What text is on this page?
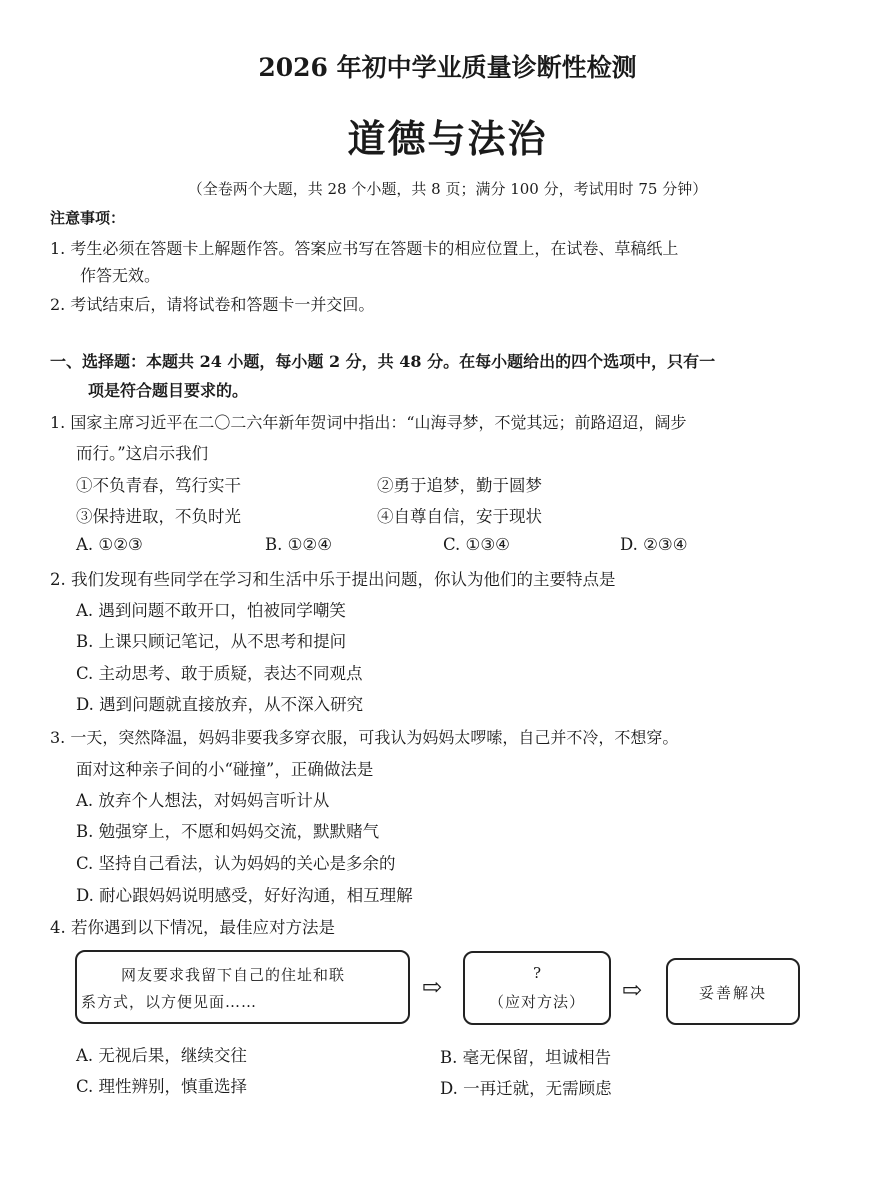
2026 年初中学业质量诊断性检测
道德与法治
（全卷两个大题，共 28 个小题，共 8 页；满分 100 分，考试用时 75 分钟）
注意事项：
1. 考生必须在答题卡上解题作答。答案应书写在答题卡的相应位置上，在试卷、草稿纸上
作答无效。
2. 考试结束后，请将试卷和答题卡一并交回。
一、选择题：本题共 24 小题，每小题 2 分，共 48 分。在每小题给出的四个选项中，只有一
项是符合题目要求的。
1. 国家主席习近平在二〇二六年新年贺词中指出：“山海寻梦，不觉其远；前路迢迢，阔步
而行。”这启示我们
①不负青春，笃行实干	②勇于追梦，勤于圆梦
③保持进取，不负时光	④自尊自信，安于现状
A. ①②③	B. ①②④	C. ①③④	D. ②③④
2. 我们发现有些同学在学习和生活中乐于提出问题，你认为他们的主要特点是
A. 遇到问题不敢开口，怕被同学嘲笑
B. 上课只顾记笔记，从不思考和提问
C. 主动思考、敢于质疑，表达不同观点
D. 遇到问题就直接放弃，从不深入研究
3. 一天，突然降温，妈妈非要我多穿衣服，可我认为妈妈太啰嗦，自己并不冷，不想穿。
面对这种亲子间的小“碰撞”，正确做法是
A. 放弃个人想法，对妈妈言听计从
B. 勉强穿上，不愿和妈妈交流，默默赌气
C. 坚持自己看法，认为妈妈的关心是多余的
D. 耐心跟妈妈说明感受，好好沟通，相互理解
4. 若你遇到以下情况，最佳应对方法是
网友要求我留下自己的住址和联
系方式，以方便见面……
⇨	?
（应对方法）	⇨	妥善解决
A. 无视后果，继续交往	B. 毫无保留，坦诚相告
C. 理性辨别，慎重选择	D. 一再迁就，无需顾虑
